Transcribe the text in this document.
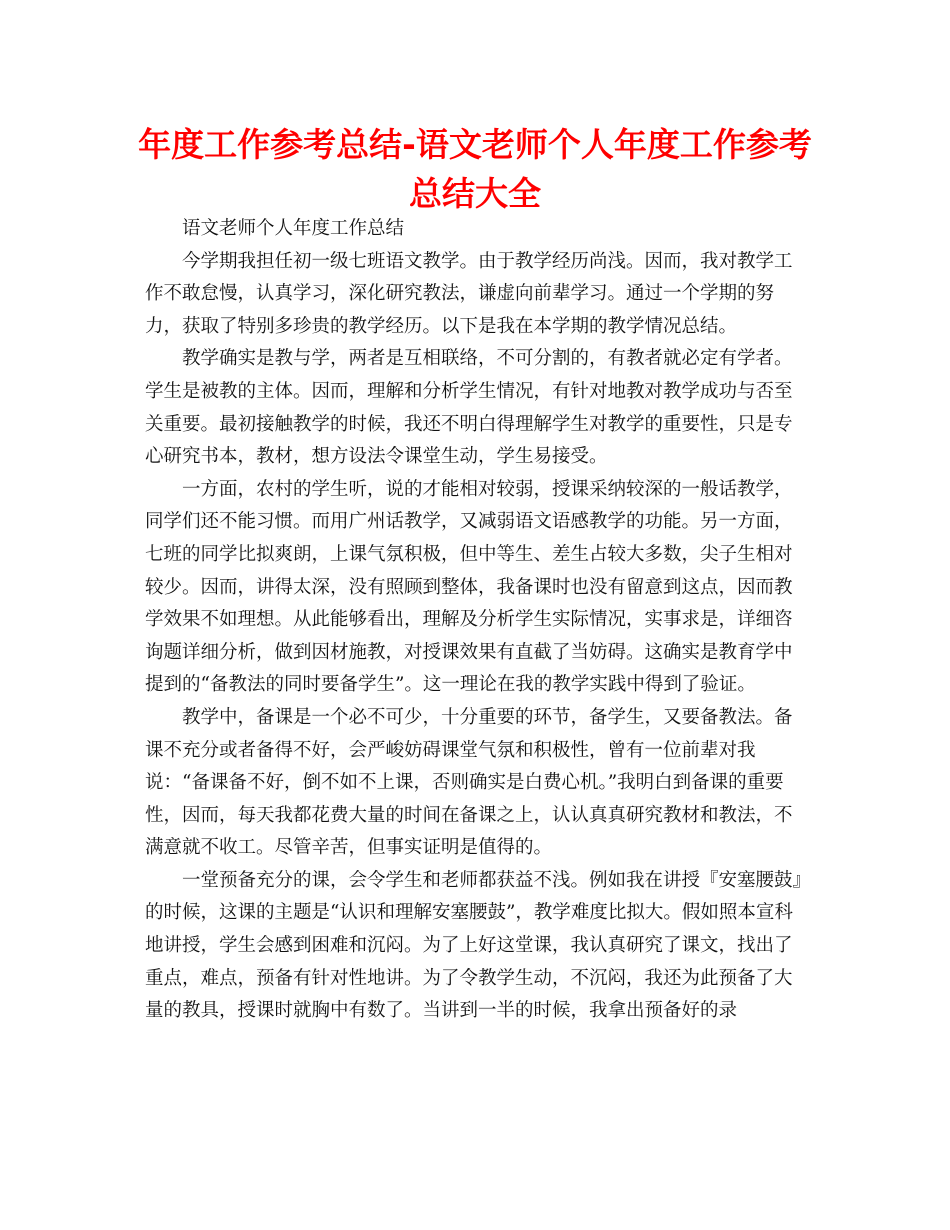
年度工作参考总结-语文老师个人年度工作参考
总结大全

语文老师个人年度工作总结

今学期我担任初一级七班语文教学。由于教学经历尚浅。因而，我对教学工作不敢怠慢，认真学习，深化研究教法，谦虚向前辈学习。通过一个学期的努力，获取了特别多珍贵的教学经历。以下是我在本学期的教学情况总结。

教学确实是教与学，两者是互相联络，不可分割的，有教者就必定有学者。学生是被教的主体。因而，理解和分析学生情况，有针对地教对教学成功与否至关重要。最初接触教学的时候，我还不明白得理解学生对教学的重要性，只是专心研究书本，教材，想方设法令课堂生动，学生易接受。

一方面，农村的学生听，说的才能相对较弱，授课采纳较深的一般话教学，同学们还不能习惯。而用广州话教学，又减弱语文语感教学的功能。另一方面，七班的同学比拟爽朗，上课气氛积极，但中等生、差生占较大多数，尖子生相对较少。因而，讲得太深，没有照顾到整体，我备课时也没有留意到这点，因而教学效果不如理想。从此能够看出，理解及分析学生实际情况，实事求是，详细咨询题详细分析，做到因材施教，对授课效果有直截了当妨碍。这确实是教育学中提到的“备教法的同时要备学生”。这一理论在我的教学实践中得到了验证。

教学中，备课是一个必不可少，十分重要的环节，备学生，又要备教法。备课不充分或者备得不好，会严峻妨碍课堂气氛和积极性，曾有一位前辈对我说：“备课备不好，倒不如不上课，否则确实是白费心机。”我明白到备课的重要性，因而，每天我都花费大量的时间在备课之上，认认真真研究教材和教法，不满意就不收工。尽管辛苦，但事实证明是值得的。

一堂预备充分的课，会令学生和老师都获益不浅。例如我在讲授『安塞腰鼓』　的时候，这课的主题是“认识和理解安塞腰鼓”，教学难度比拟大。假如照本宣科地讲授，学生会感到困难和沉闷。为了上好这堂课，我认真研究了课文，找出了重点，难点，预备有针对性地讲。为了令教学生动，不沉闷，我还为此预备了大量的教具，授课时就胸中有数了。当讲到一半的时候，我拿出预备好的录
